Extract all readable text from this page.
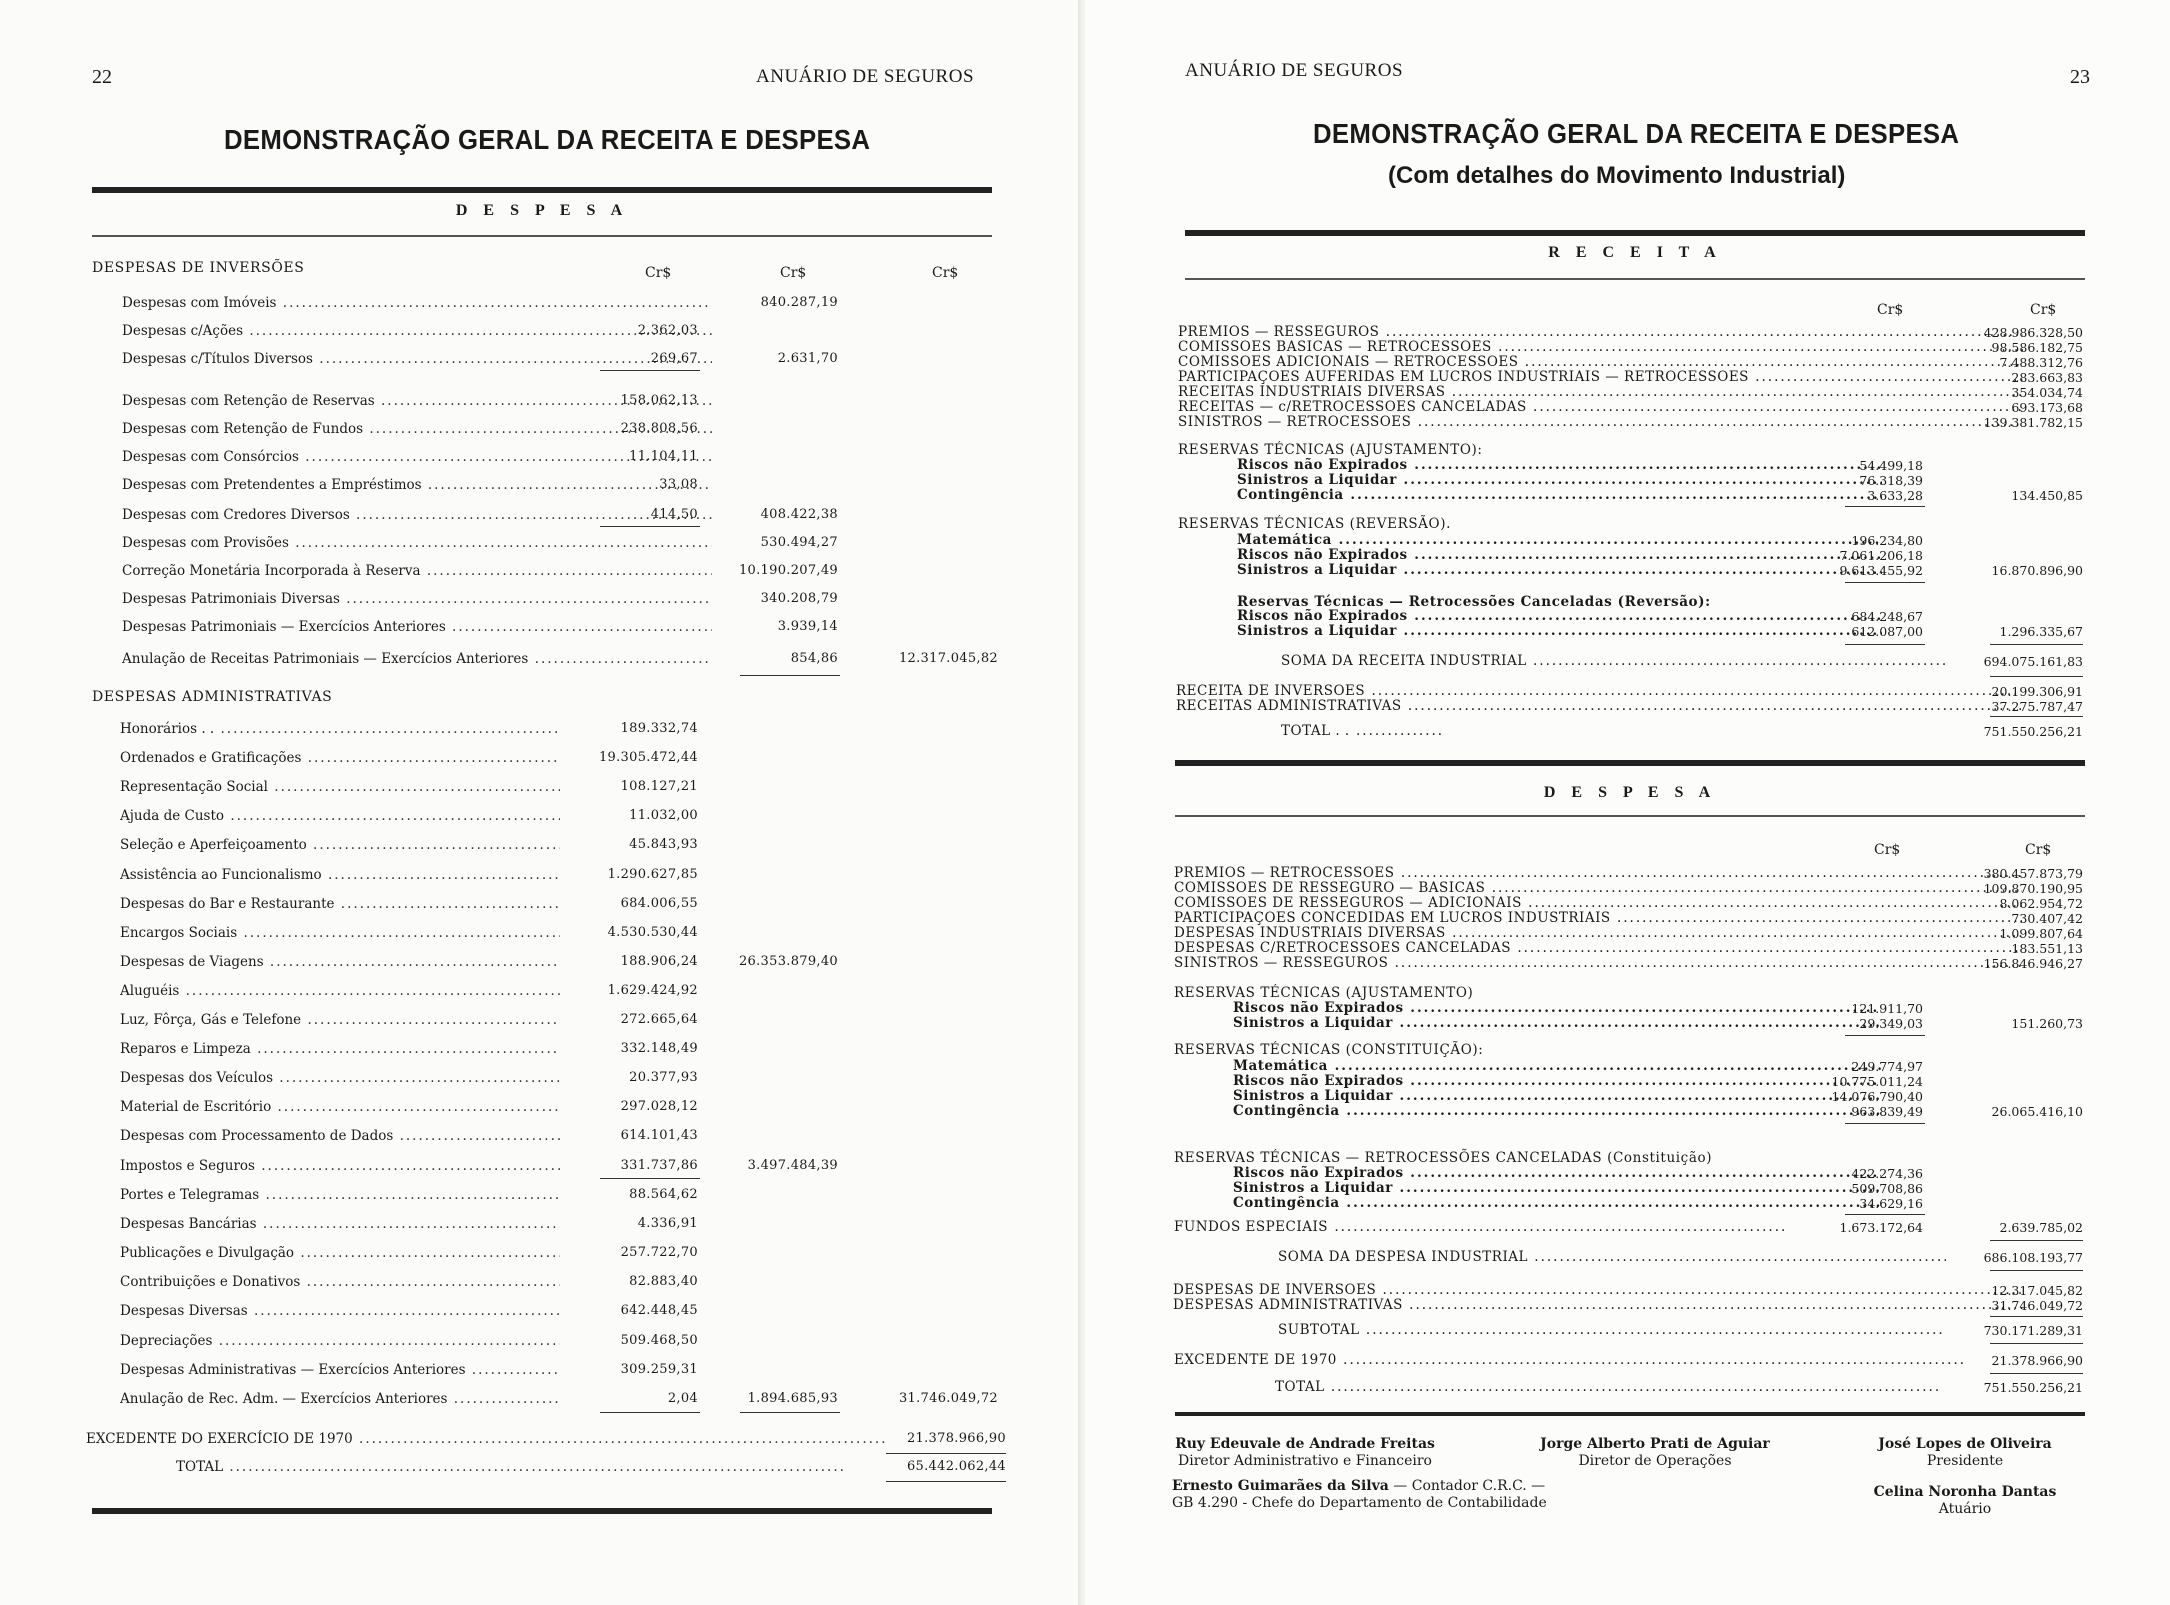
22	ANUÁRIO DE SEGUROS
DEMONSTRAÇÃO GERAL DA RECEITA E DESPESA
D E S P E S A
Cr$	Cr$	Cr$
DESPESAS DE INVERSÕES
DESPESAS ADMINISTRATIVAS
EXCEDENTE DO EXERCÍCIO DE 1970 .....	21.378.966,90
TOTAL .....	65.442.062,44
Despesas com Imóveis .....	840.287,19
Despesas c/Ações .....	2.362,03
Despesas c/Títulos Diversos .....	269,67	2.631,70
Despesas com Retenção de Reservas .....	158.062,13
Despesas com Retenção de Fundos .....	238.808,56
Despesas com Consórcios .....	11.104,11
Despesas com Pretendentes a Empréstimos .....	33,08
Despesas com Credores Diversos .....	414,50	408.422,38
Despesas com Provisões .....	530.494,27
Correção Monetária Incorporada à Reserva .....	10.190.207,49
Despesas Patrimoniais Diversas .....	340.208,79
Despesas Patrimoniais — Exercícios Anteriores .....	3.939,14
Anulação de Receitas Patrimoniais — Exercícios Anteriores .....	854,86	12.317.045,82
Honorários . . .....	189.332,74
Ordenados e Gratificações .....	19.305.472,44
Representação Social .....	108.127,21
Ajuda de Custo .....	11.032,00
Seleção e Aperfeiçoamento .....	45.843,93
Assistência ao Funcionalismo .....	1.290.627,85
Despesas do Bar e Restaurante .....	684.006,55
Encargos Sociais .....	4.530.530,44
Despesas de Viagens .....	188.906,24	26.353.879,40
Aluguéis .....	1.629.424,92
Luz, Fôrça, Gás e Telefone .....	272.665,64
Reparos e Limpeza .....	332.148,49
Despesas dos Veículos .....	20.377,93
Material de Escritório .....	297.028,12
Despesas com Processamento de Dados .....	614.101,43
Impostos e Seguros .....	331.737,86	3.497.484,39
Portes e Telegramas .....	88.564,62
Despesas Bancárias .....	4.336,91
Publicações e Divulgação .....	257.722,70
Contribuições e Donativos .....	82.883,40
Despesas Diversas .....	642.448,45
Depreciações .....	509.468,50
Despesas Administrativas — Exercícios Anteriores .....	309.259,31
Anulação de Rec. Adm. — Exercícios Anteriores .....	2,04	1.894.685,93	31.746.049,72
ANUÁRIO DE SEGUROS	23
DEMONSTRAÇÃO GERAL DA RECEITA E DESPESA
(Com detalhes do Movimento Industrial)
R E C E I T A
Cr$	Cr$
D E S P E S A
Cr$	Cr$
Ruy Edeuvale de Andrade Freitas
Diretor Administrativo e Financeiro
Jorge Alberto Prati de Aguiar
Diretor de Operações
José Lopes de Oliveira
Presidente
Ernesto Guimarães da Silva — Contador C.R.C. —
GB 4.290 - Chefe do Departamento de Contabilidade
Celina Noronha Dantas
Atuário
PRÊMIOS — RESSEGUROS .....	428.986.328,50
COMISSÕES BÁSICAS — RETROCESSÕES .....	98.586.182,75
COMISSÕES ADICIONAIS — RETROCESSÕES .....	7.488.312,76
PARTICIPAÇÕES AUFERIDAS EM LUCROS INDUSTRIAIS — RETROCESSÕES .....	283.663,83
RECEITAS INDUSTRIAIS DIVERSAS .....	354.034,74
RECEITAS — c/RETROCESSÕES CANCELADAS .....	693.173,68
SINISTROS — RETROCESSÕES .....	139.381.782,15
RESERVAS TÉCNICAS (AJUSTAMENTO):
Riscos não Expirados .....	54.499,18
Sinistros a Liquidar .....	76.318,39
Contingência .....	3.633,28	134.450,85
RESERVAS TÉCNICAS (REVERSÃO).
Matemática .....	196.234,80
Riscos não Expirados .....	7.061.206,18
Sinistros a Liquidar .....	9.613.455,92	16.870.896,90
Reservas Técnicas — Retrocessões Canceladas (Reversão):
Riscos não Expirados .....	684.248,67
Sinistros a Liquidar .....	612.087,00	1.296.335,67
SOMA DA RECEITA INDUSTRIAL .....	694.075.161,83
RECEITA DE INVERSÕES .....	20.199.306,91
RECEITAS ADMINISTRATIVAS .....	37.275.787,47
TOTAL . . .....	751.550.256,21
PRÊMIOS — RETROCESSÕES .....	380.457.873,79
COMISSÕES DE RESSEGURO — BÁSICAS .....	109.870.190,95
COMISSÕES DE RESSEGUROS — ADICIONAIS .....	8.062.954,72
PARTICIPAÇÕES CONCEDIDAS EM LUCROS INDUSTRIAIS .....	730.407,42
DESPESAS INDUSTRIAIS DIVERSAS .....	1.099.807,64
DESPESAS C/RETROCESSÕES CANCELADAS .....	183.551,13
SINISTROS — RESSEGUROS .....	156.846.946,27
RESERVAS TÉCNICAS (AJUSTAMENTO)
Riscos não Expirados .....	121.911,70
Sinistros a Liquidar .....	29.349,03	151.260,73
RESERVAS TÉCNICAS (CONSTITUIÇÃO):
Matemática .....	249.774,97
Riscos não Expirados .....	10.775.011,24
Sinistros a Liquidar .....	14.076.790,40
Contingência .....	963.839,49	26.065.416,10
RESERVAS TÉCNICAS — RETROCESSÕES CANCELADAS (Constituição)
Riscos não Expirados .....	422.274,36
Sinistros a Liquidar .....	509.708,86
Contingência .....	34.629,16
FUNDOS ESPECIAIS .....	1.673.172,64	2.639.785,02
SOMA DA DESPESA INDUSTRIAL .....	686.108.193,77
DESPESAS DE INVERSÕES .....	12.317.045,82
DESPESAS ADMINISTRATIVAS .....	31.746.049,72
SUBTOTAL .....	730.171.289,31
EXCEDENTE DE 1970 .....	21.378.966,90
TOTAL .....	751.550.256,21
